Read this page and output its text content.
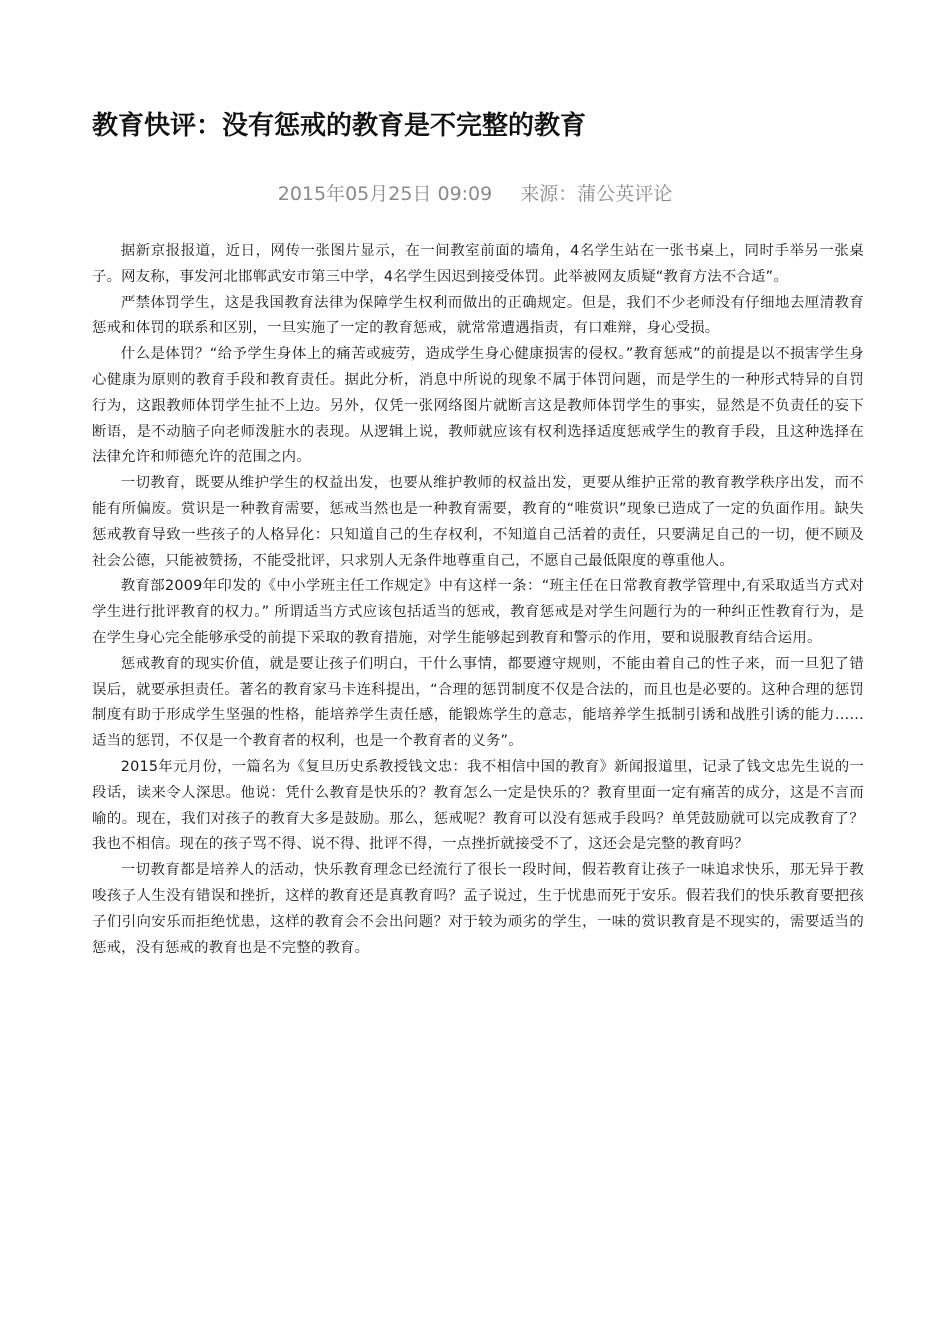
教育快评：没有惩戒的教育是不完整的教育
2015年05月25日 09:09 来源：蒲公英评论

据新京报报道，近日，网传一张图片显示，在一间教室前面的墙角，4名学生站在一张书桌上，同时手举另一张桌子。网友称，事发河北邯郸武安市第三中学，4名学生因迟到接受体罚。此举被网友质疑“教育方法不合适”。

严禁体罚学生，这是我国教育法律为保障学生权利而做出的正确规定。但是，我们不少老师没有仔细地去厘清教育惩戒和体罚的联系和区别，一旦实施了一定的教育惩戒，就常常遭遇指责，有口难辩，身心受损。

什么是体罚？“给予学生身体上的痛苦或疲劳，造成学生身心健康损害的侵权。”教育惩戒”的前提是以不损害学生身心健康为原则的教育手段和教育责任。据此分析，消息中所说的现象不属于体罚问题，而是学生的一种形式特异的自罚行为，这跟教师体罚学生扯不上边。另外，仅凭一张网络图片就断言这是教师体罚学生的事实，显然是不负责任的妄下断语，是不动脑子向老师泼脏水的表现。从逻辑上说，教师就应该有权利选择适度惩戒学生的教育手段，且这种选择在法律允许和师德允许的范围之内。

一切教育，既要从维护学生的权益出发，也要从维护教师的权益出发，更要从维护正常的教育教学秩序出发，而不能有所偏废。赏识是一种教育需要，惩戒当然也是一种教育需要，教育的“唯赏识”现象已造成了一定的负面作用。缺失惩戒教育导致一些孩子的人格异化：只知道自己的生存权利，不知道自己活着的责任，只要满足自己的一切，便不顾及社会公德，只能被赞扬，不能受批评，只求别人无条件地尊重自己，不愿自己最低限度的尊重他人。

教育部2009年印发的《中小学班主任工作规定》中有这样一条：“班主任在日常教育教学管理中,有采取适当方式对学生进行批评教育的权力。” 所谓适当方式应该包括适当的惩戒，教育惩戒是对学生问题行为的一种纠正性教育行为，是在学生身心完全能够承受的前提下采取的教育措施，对学生能够起到教育和警示的作用，要和说服教育结合运用。

惩戒教育的现实价值，就是要让孩子们明白，干什么事情，都要遵守规则，不能由着自己的性子来，而一旦犯了错误后，就要承担责任。著名的教育家马卡连科提出，“合理的惩罚制度不仅是合法的，而且也是必要的。这种合理的惩罚制度有助于形成学生坚强的性格，能培养学生责任感，能锻炼学生的意志，能培养学生抵制引诱和战胜引诱的能力……适当的惩罚，不仅是一个教育者的权利，也是一个教育者的义务”。

2015年元月份，一篇名为《复旦历史系教授钱文忠：我不相信中国的教育》新闻报道里，记录了钱文忠先生说的一段话，读来令人深思。他说：凭什么教育是快乐的？教育怎么一定是快乐的？教育里面一定有痛苦的成分，这是不言而喻的。现在，我们对孩子的教育大多是鼓励。那么，惩戒呢？教育可以没有惩戒手段吗？单凭鼓励就可以完成教育了？我也不相信。现在的孩子骂不得、说不得、批评不得，一点挫折就接受不了，这还会是完整的教育吗？

一切教育都是培养人的活动，快乐教育理念已经流行了很长一段时间，假若教育让孩子一味追求快乐，那无异于教唆孩子人生没有错误和挫折，这样的教育还是真教育吗？孟子说过，生于忧患而死于安乐。假若我们的快乐教育要把孩子们引向安乐而拒绝忧患，这样的教育会不会出问题？对于较为顽劣的学生，一味的赏识教育是不现实的，需要适当的惩戒，没有惩戒的教育也是不完整的教育。
